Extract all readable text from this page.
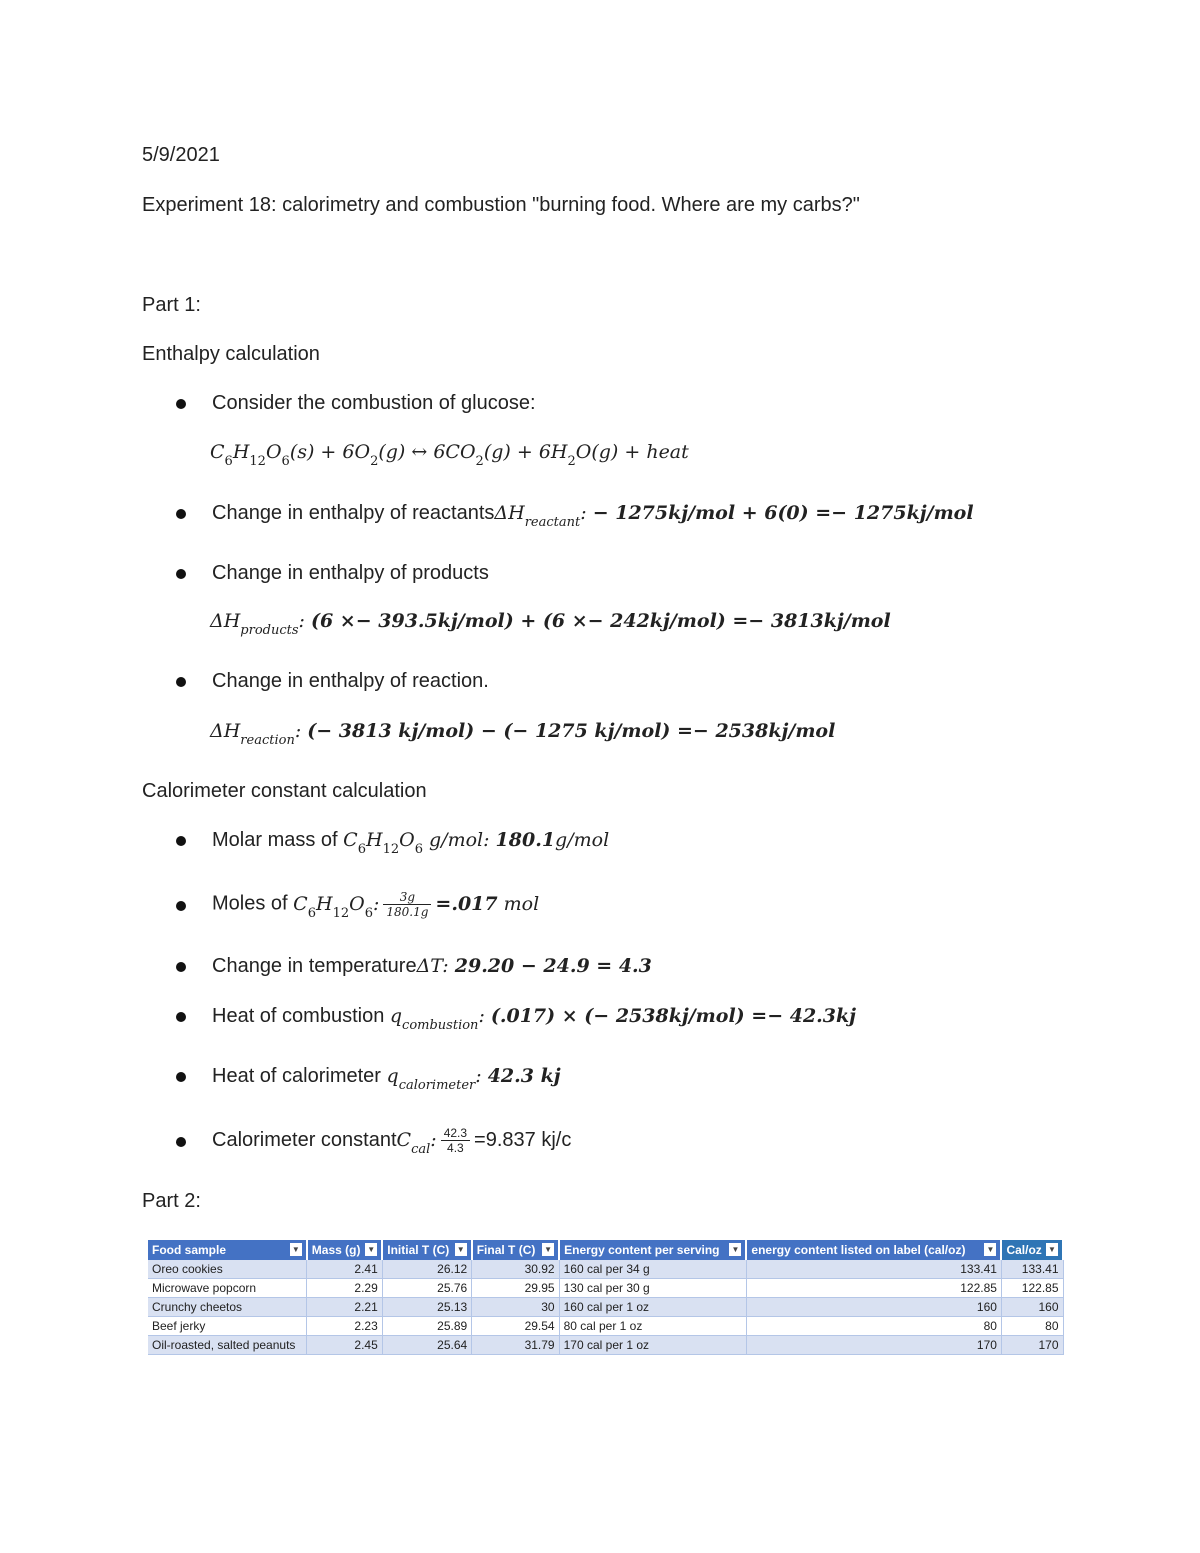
5/9/2021
Experiment 18: calorimetry and combustion "burning food. Where are my carbs?"
Part 1:
Enthalpy calculation
Consider the combustion of glucose:
$C_6H_{12}O_6(s) + 6O_2(g)$ ↔ $6CO_2(g) + 6H_2O(g)$ + heat
Change in enthalpy of reactantsΔH$_{reactant}$: − 1275kj/mol + 6(0) =− 1275kj/mol
Change in enthalpy of products
$\Delta H_{products}$: (6 ×− 393.5kj/mol) + (6 ×− 242kj/mol) =− 3813kj/mol
Change in enthalpy of reaction.
$\Delta H_{reaction}$: (− 3813 kj/mol) − (− 1275 kj/mol) =− 2538kj/mol
Calorimeter constant calculation
Molar mass of $C_6H_{12}O_6$ g/mol: 180.1g/mol
Moles of $C_6H_{12}O_6$: $\frac{3g}{180.1g} =.017$ mol
Change in temperatureΔT: 29.20 − 24.9 = 4.3
Heat of combustion $q_{combustion}$: (.017) × (− 2538kj/mol) =− 42.3kj
Heat of calorimeter $q_{calorimeter}$: 42.3 kj
Calorimeter constantC$_{cal}$: $\frac{42.3}{4.3} =9.837$ kj/c
Part 2:
Food sample ▼	Mass (g) ▼	Initial T (C) ▼	Final T (C) ▼	Energy content per serving ▼	energy content listed on label (cal/oz) ▼	Cal/oz ▼

Oreo cookies	2.41	26.12	30.92	160 cal per 34 g	133.41	133.41
Microwave popcorn	2.29	25.76	29.95	130 cal per 30 g	122.85	122.85
Crunchy cheetos	2.21	25.13	30	160 cal per 1 oz	160	160
Beef jerky	2.23	25.89	29.54	80 cal per 1 oz	80	80
Oil-roasted, salted peanuts	2.45	25.64	31.79	170 cal per 1 oz	170	170
